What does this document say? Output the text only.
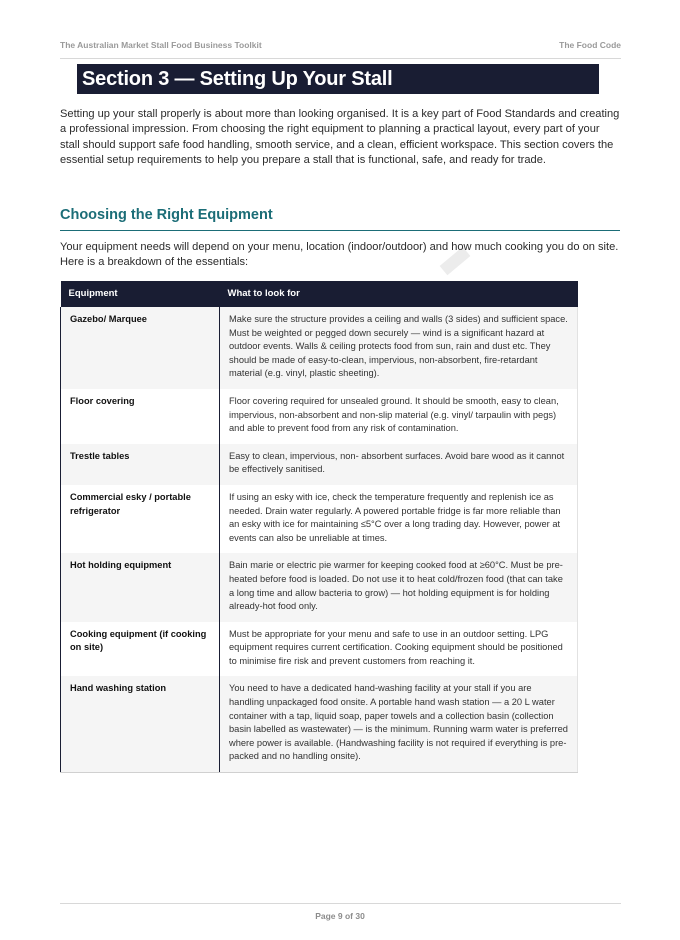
The Australian Market Stall Food Business Toolkit	The Food Code
Section 3 — Setting Up Your Stall

Setting up your stall properly is about more than looking organised. It is a key part of Food Standards and creating a professional impression. From choosing the right equipment to planning a practical layout, every part of your stall should support safe food handling, smooth service, and a clean, efficient workspace. This section covers the essential setup requirements to help you prepare a stall that is functional, safe, and ready for trade.

Choosing the Right Equipment

Your equipment needs will depend on your menu, location (indoor/outdoor) and how much cooking you do on site. Here is a breakdown of the essentials:

Equipment	What to look for
Gazebo/ Marquee	Make sure the structure provides a ceiling and walls (3 sides) and sufficient space. Must be weighted or pegged down securely — wind is a significant hazard at outdoor events. Walls & ceiling protects food from sun, rain and dust etc. They should be made of easy-to-clean, impervious, non-absorbent, fire-retardant material (e.g. vinyl, plastic sheeting).
Floor covering	Floor covering required for unsealed ground. It should be smooth, easy to clean, impervious, non-absorbent and non-slip material (e.g. vinyl/ tarpaulin with pegs) and able to prevent food from any risk of contamination.
Trestle tables	Easy to clean, impervious, non- absorbent surfaces. Avoid bare wood as it cannot be effectively sanitised.
Commercial esky / portable refrigerator	If using an esky with ice, check the temperature frequently and replenish ice as needed. Drain water regularly. A powered portable fridge is far more reliable than an esky with ice for maintaining ≤5°C over a long trading day. However, power at events can also be unreliable at times.
Hot holding equipment	Bain marie or electric pie warmer for keeping cooked food at ≥60°C. Must be pre-heated before food is loaded. Do not use it to heat cold/frozen food (that can take a long time and allow bacteria to grow) — hot holding equipment is for holding already-hot food only.
Cooking equipment (if cooking on site)	Must be appropriate for your menu and safe to use in an outdoor setting. LPG equipment requires current certification. Cooking equipment should be positioned to minimise fire risk and prevent customers from reaching it.
Hand washing station	You need to have a dedicated hand-washing facility at your stall if you are handling unpackaged food onsite. A portable hand wash station — a 20 L water container with a tap, liquid soap, paper towels and a collection basin (collection basin labelled as wastewater) — is the minimum. Running warm water is preferred where power is available. (Handwashing facility is not required if everything is pre-packed and no handling onsite).
Page 9 of 30
